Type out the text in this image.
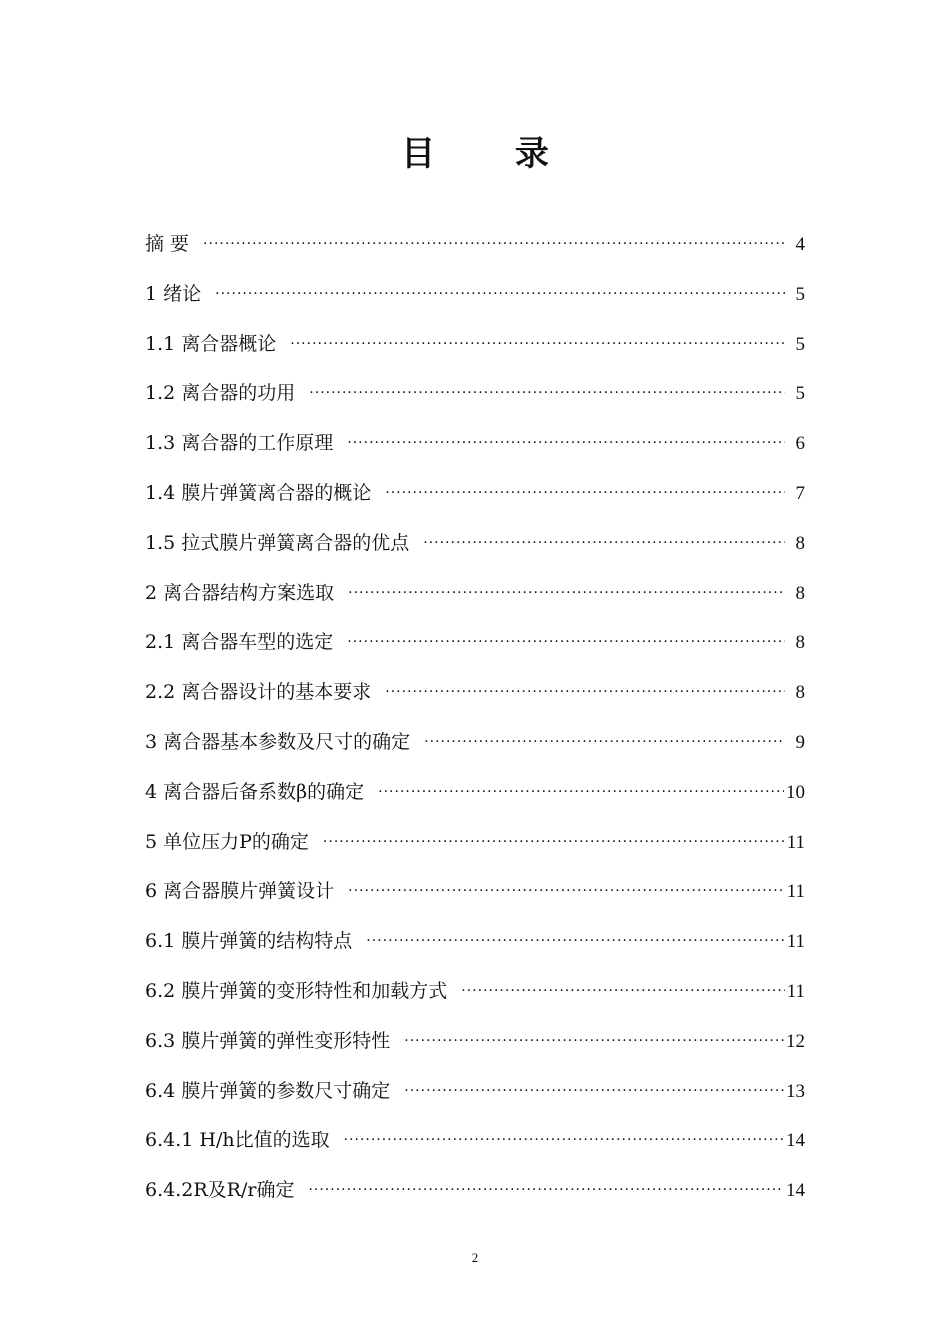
目 录
摘 要 ·····	4
1 绪论 ·····	5
1.1 离合器概论 ·····	5
1.2 离合器的功用 ·····	5
1.3 离合器的工作原理 ·····	6
1.4 膜片弹簧离合器的概论 ·····	7
1.5 拉式膜片弹簧离合器的优点 ·····	8
2 离合器结构方案选取 ·····	8
2.1 离合器车型的选定 ·····	8
2.2 离合器设计的基本要求 ·····	8
3 离合器基本参数及尺寸的确定 ·····	9
4 离合器后备系数β的确定 ·····	10
5 单位压力P的确定 ·····	11
6 离合器膜片弹簧设计 ·····	11
6.1 膜片弹簧的结构特点 ·····	11
6.2 膜片弹簧的变形特性和加载方式 ·····	11
6.3 膜片弹簧的弹性变形特性 ·····	12
6.4 膜片弹簧的参数尺寸确定 ·····	13
6.4.1 H/h比值的选取 ·····	14
6.4.2R及R/r确定 ·····	14
2
